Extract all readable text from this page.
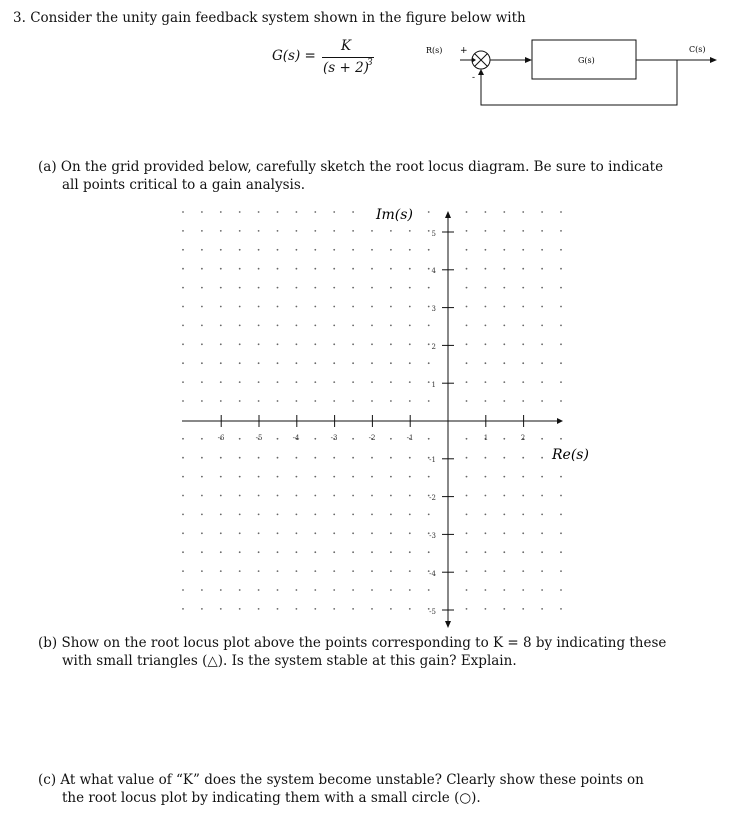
3. Consider the unity gain feedback system shown in the figure below with
G(s) =
K
(s + 2)
3
R(s) +
-
G(s)
C(s)
(a) On the grid provided below, carefully sketch the root locus diagram. Be sure to indicate
all points critical to a gain analysis.
-6	-5	-4	-3	-2	-1	1	2
5
4
3
2
1
-1
-2
-3
-4
-5
Im(s)
Re(s)
(b) Show on the root locus plot above the points corresponding to K = 8 by indicating these
with small triangles (△). Is the system stable at this gain? Explain.
(c) At what value of “K” does the system become unstable? Clearly show these points on
the root locus plot by indicating them with a small circle (○).
